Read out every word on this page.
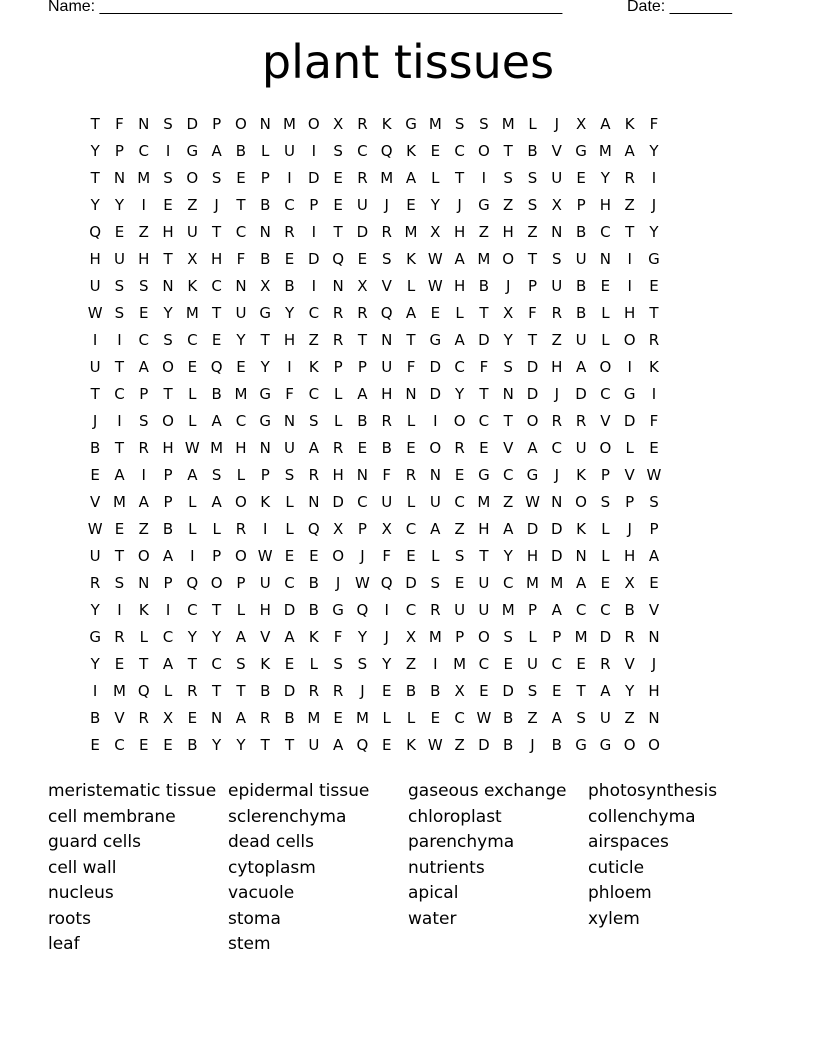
Name: ____________________________________________________	Date: _______
plant tissues
T	F N S D P O N M O X R K G M S S M L	J	X A K	F
Y	P C	I	G A B L U	I	S C Q K E C O T B V G M A Y
T N M S O S E	P	I	D E R M A L	T	I	S S U E Y R	I
Y	Y	I	E Z	J	T B C P	E U	J	E Y	J	G Z S X P H Z	J
Q E Z H U T C N R	I	T D R M X H Z H Z N B C T	Y
H U H T X H F B E D Q E S K W A M O T S U N	I	G
U S S N K C N X B	I	N X V L W H B	J	P U B E	I	E
W S E Y M T U G Y C R R Q A E	L	T X F R B L H T
I	I	C S C E Y	T H Z R T N T G A D Y	T Z U L O R
U T A O E Q E Y	I	K P	P U F D C F	S D H A O	I	K
T C P	T	L B M G F C L A H N D Y	T N D	J	D C G	I
J	I	S O L A C G N S	L B R L	I	O C T O R R V D F
B T R H W M H N U A R E B E O R E V A C U O L	E
E A	I	P A S	L	P	S R H N F R N E G C G	J	K P V W
V M A P	L A O K	L N D C U L U C M Z W N O S	P	S
W E Z B L	L R	I	L Q X P X C A Z H A D D K	L	J	P
U T O A	I	P O W E E O	J	F	E	L	S T	Y H D N L H A
R S N P Q O P U C B	J W Q D S E U C M M A E X E
Y	I	K	I	C T	L H D B G Q	I	C R U U M P A C C B V
G R L C Y	Y A V A K	F	Y	J	X M P O S	L	P M D R N
Y E T A T C S K E	L	S S Y Z	I	M C E U C E R V	J
I	M Q L R T	T B D R R	J	E B B X E D S E T A Y H
B V R X E N A R B M E M L	L	E C W B Z A S U Z N
E C E E B Y	Y	T	T U A Q E K W Z D B	J	B G G O O
meristematic tissue
cell membrane
guard cells
cell wall
nucleus
roots
leaf
epidermal tissue
sclerenchyma
dead cells
cytoplasm
vacuole
stoma
stem
gaseous exchange
chloroplast
parenchyma
nutrients
apical
water
photosynthesis
collenchyma
airspaces
cuticle
phloem
xylem
